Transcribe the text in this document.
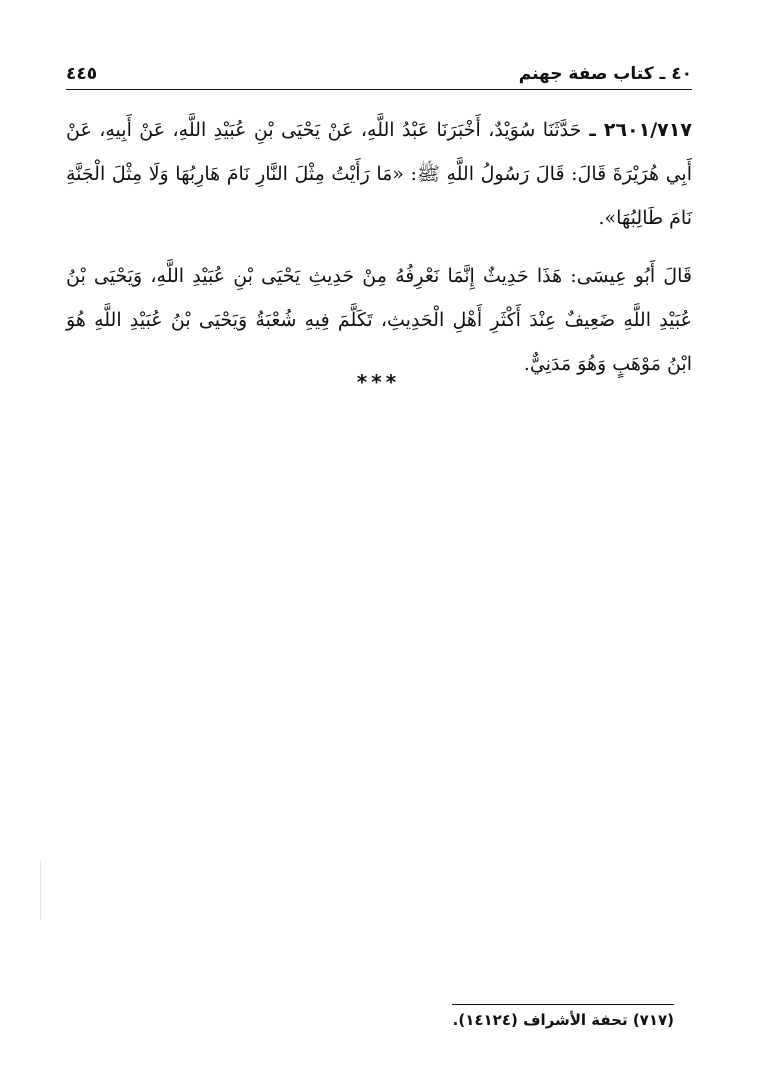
٤٠ ـ كتاب صفة جهنم
٤٤٥

٢٦٠١/٧١٧ ـ حَدَّثَنَا سُوَيْدٌ، أَخْبَرَنَا عَبْدُ اللَّهِ، عَنْ يَحْيَى بْنِ عُبَيْدِ اللَّهِ، عَنْ أَبِيهِ، عَنْ أَبِي هُرَيْرَةَ قَالَ: قَالَ رَسُولُ اللَّهِ ﷺ: «مَا رَأَيْتُ مِثْلَ النَّارِ نَامَ هَارِبُهَا وَلَا مِثْلَ الْجَنَّةِ نَامَ طَالِبُهَا».

قَالَ أَبُو عِيسَى: هَذَا حَدِيثٌ إِنَّمَا نَعْرِفُهُ مِنْ حَدِيثِ يَحْيَى بْنِ عُبَيْدِ اللَّهِ، وَيَحْيَى بْنُ عُبَيْدِ اللَّهِ ضَعِيفٌ عِنْدَ أَكْثَرِ أَهْلِ الْحَدِيثِ، تَكَلَّمَ فِيهِ شُعْبَةُ وَيَحْيَى بْنُ عُبَيْدِ اللَّهِ هُوَ ابْنُ مَوْهَبٍ وَهُوَ مَدَنِيٌّ.

***
(٧١٧) تحفة الأشراف (١٤١٢٤).
